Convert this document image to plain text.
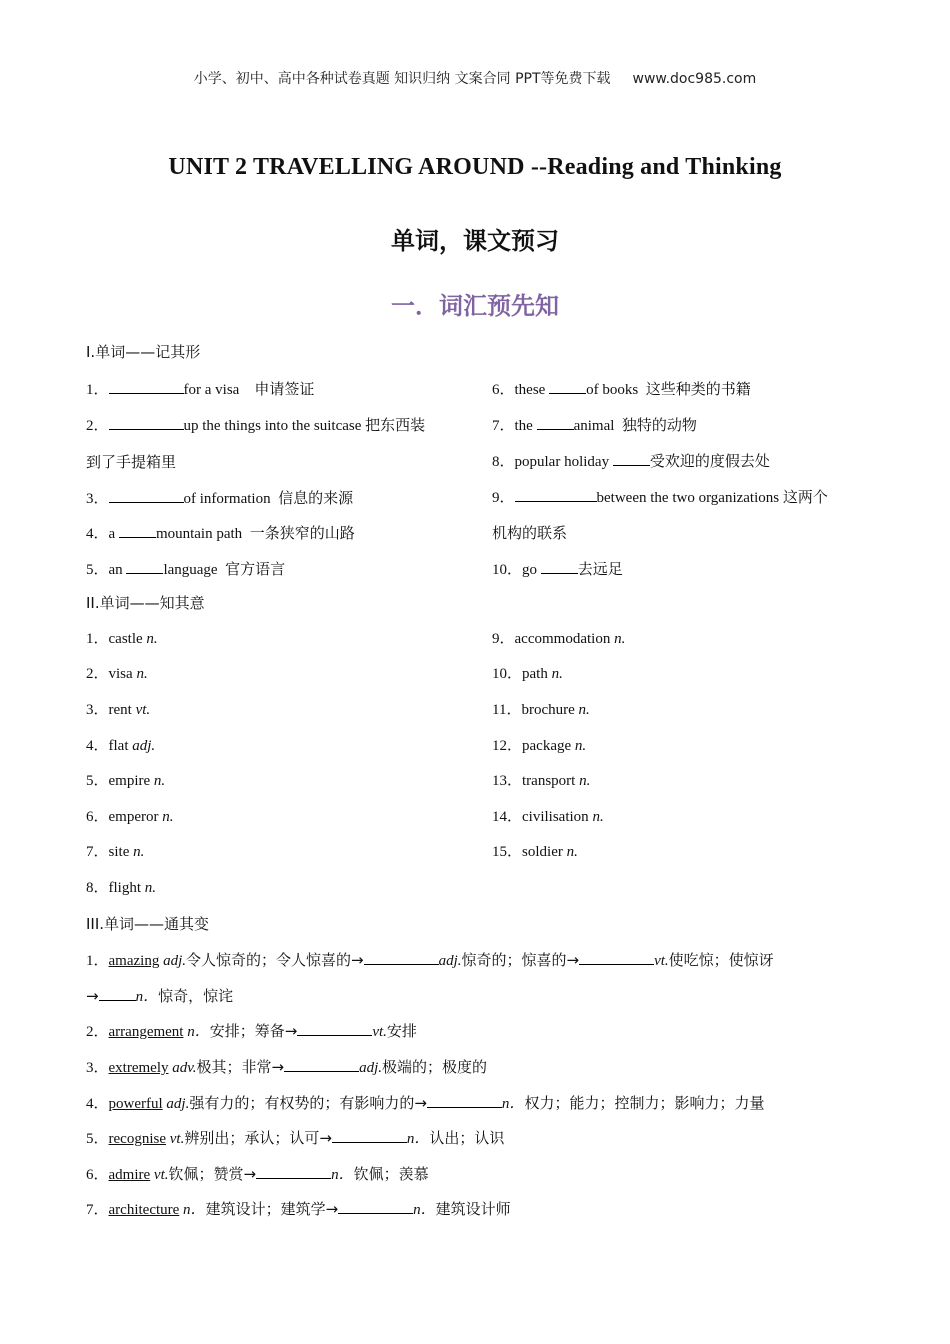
小学、初中、高中各种试卷真题 知识归纳 文案合同 PPT等免费下载 www.doc985.com
UNIT 2 TRAVELLING AROUND --Reading and Thinking
单词，课文预习
一．词汇预先知
I.单词——记其形
1．	for a visa 申请签证
2．	up the things into the suitcase 把东西装
到了手提箱里
3．	of information 信息的来源
4．a	mountain path 一条狭窄的山路
5．an	language 官方语言
6．these	of books 这些种类的书籍
7．the	animal 独特的动物
8．popular holiday	受欢迎的度假去处
9．	between the two organizations 这两个
机构的联系
10．go	去远足
II.单词——知其意
1．castle n.
2．visa n.
3．rent vt.
4．flat adj.
5．empire n.
6．emperor n.
7．site n.
8．flight n.
9．accommodation n.
10．path n.
11．brochure n.
12．package n.
13．transport n.
14．civilisation n.
15．soldier n.
III.单词——通其变
1．amazing adj.令人惊奇的；令人惊喜的→	adj.惊奇的；惊喜的→	vt.使吃惊；使惊讶
→ n．惊奇，惊诧
2．arrangement n．安排；筹备→	vt.安排
3．extremely adv.极其；非常→	adj.极端的；极度的
4．powerful adj.强有力的；有权势的；有影响力的→	n．权力；能力；控制力；影响力；力量
5．recognise vt.辨别出；承认；认可→	n．认出；认识
6．admire vt.钦佩；赞赏→	n．钦佩；羡慕
7．architecture n．建筑设计；建筑学→	n．建筑设计师
